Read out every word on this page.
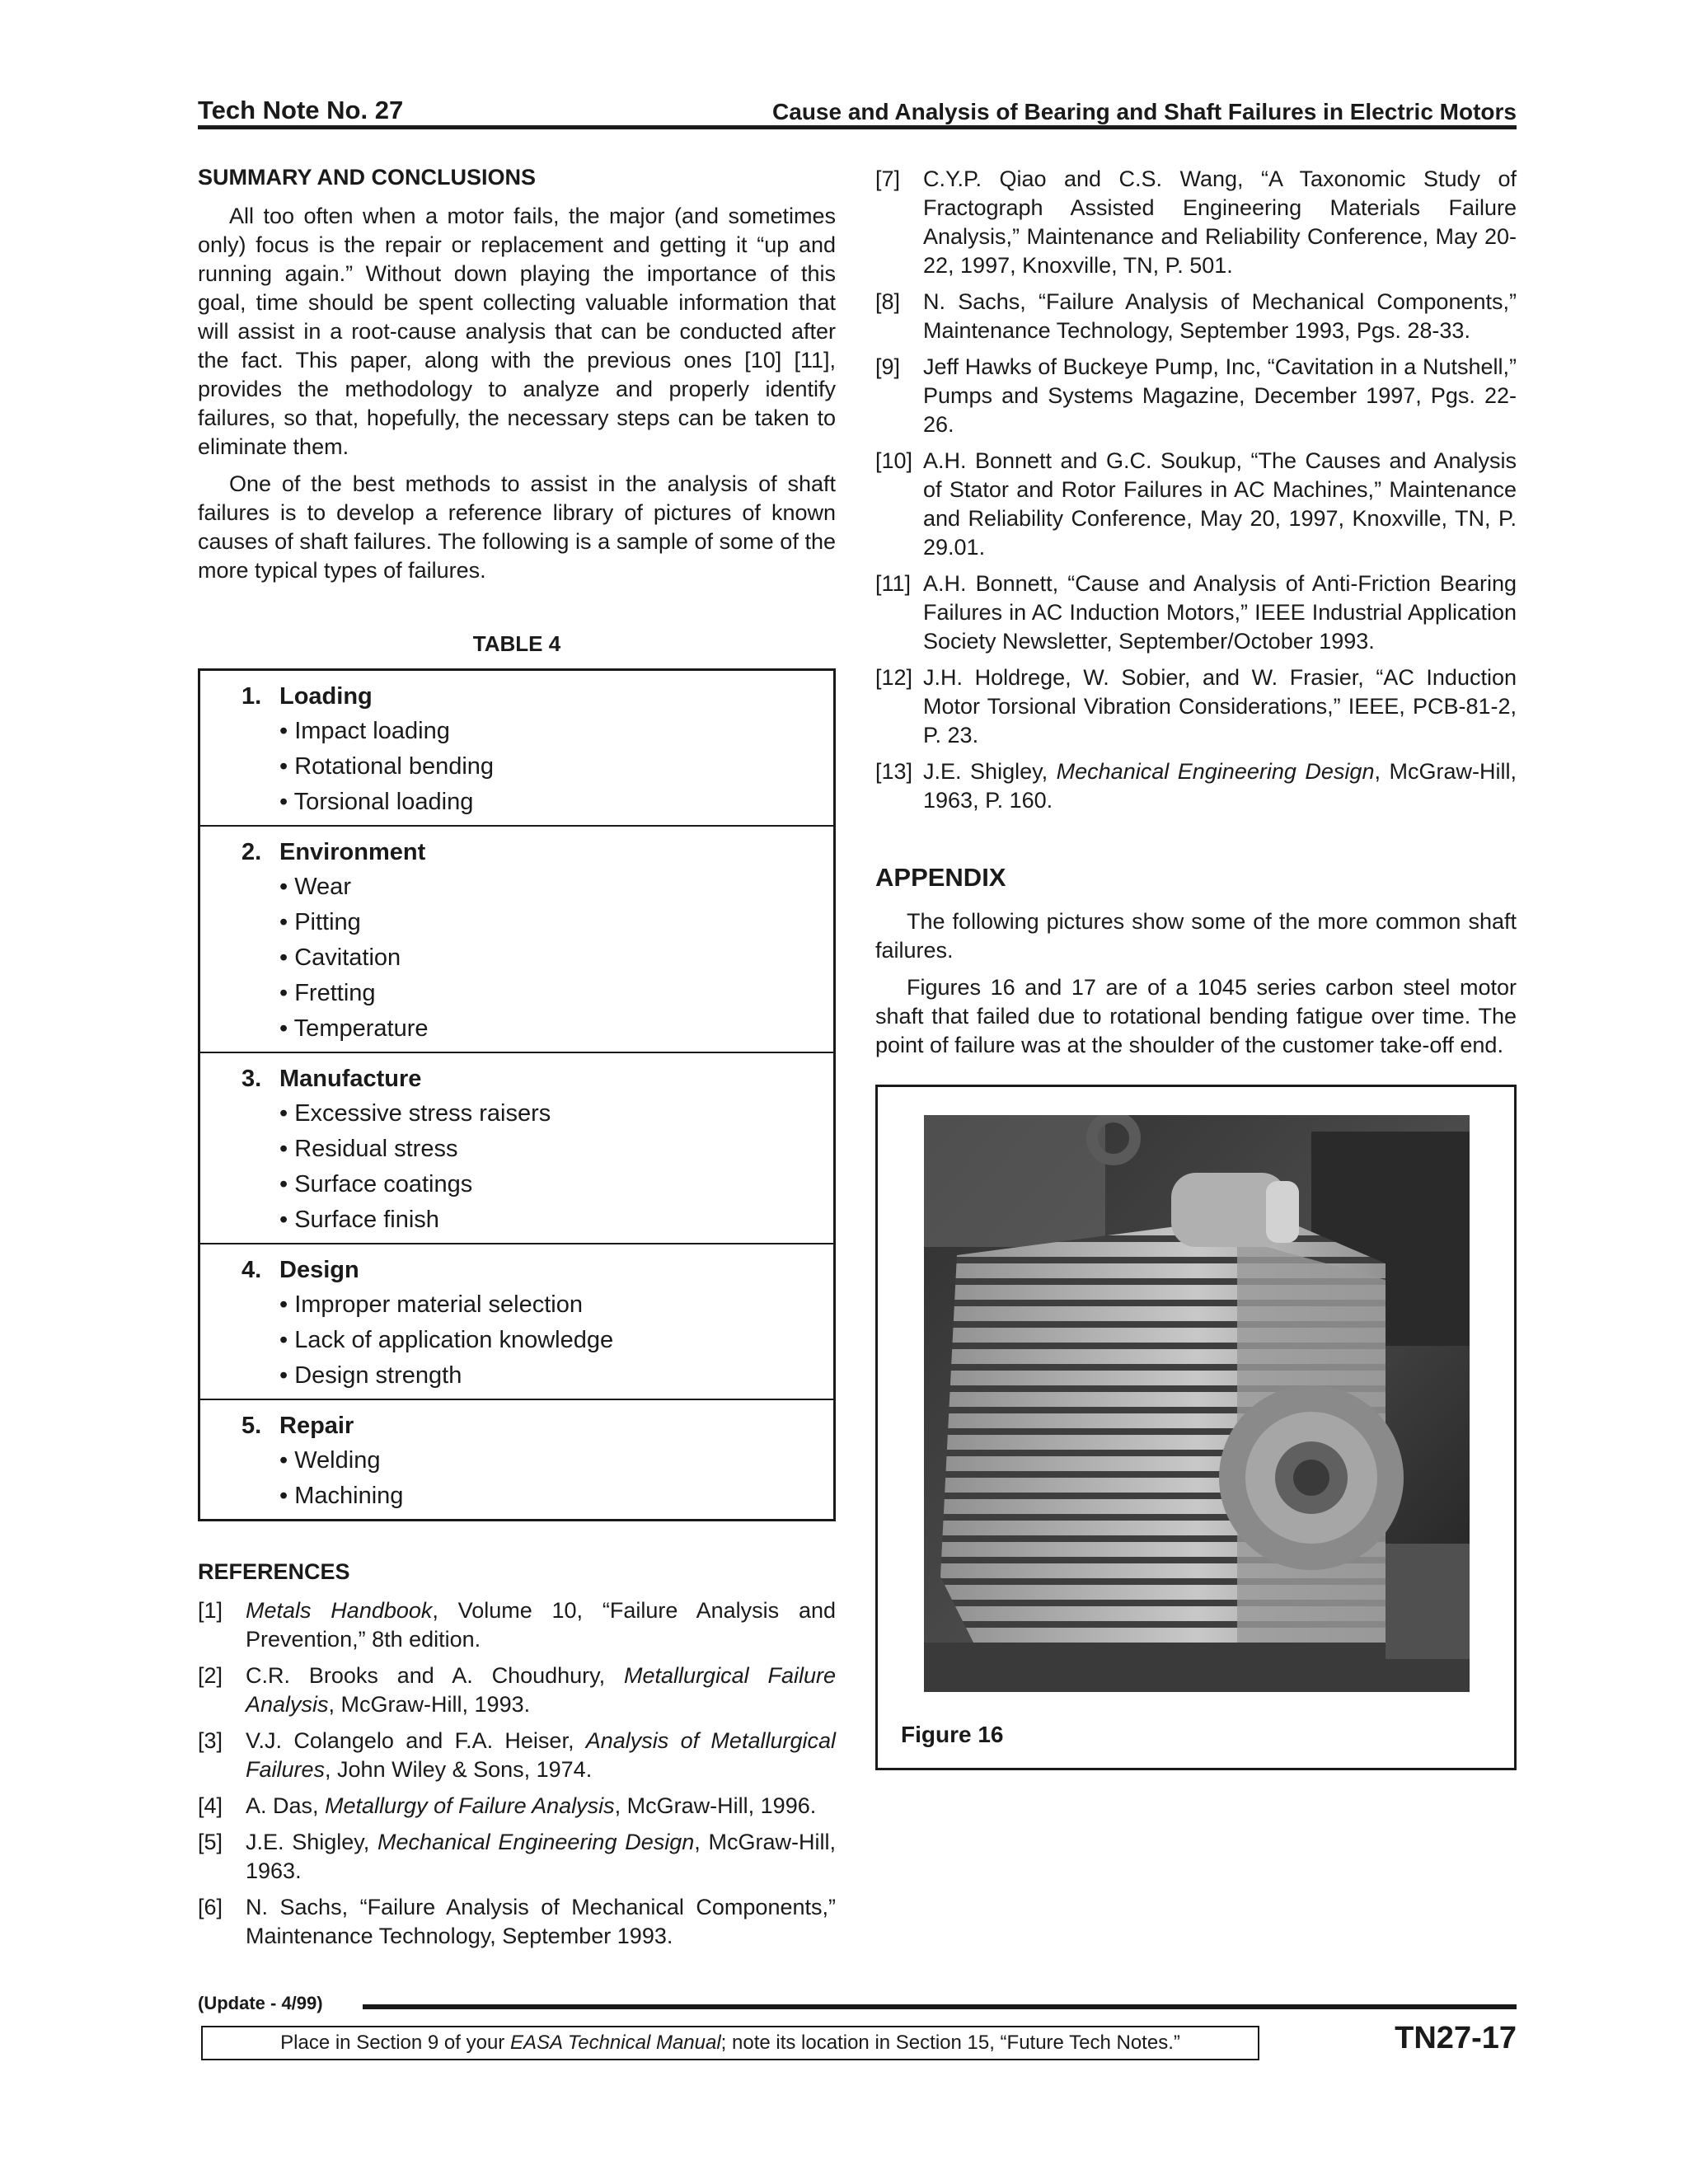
Tech Note No. 27	Cause and Analysis of Bearing and Shaft Failures in Electric Motors
SUMMARY AND CONCLUSIONS

All too often when a motor fails, the major (and sometimes only) focus is the repair or replacement and getting it “up and running again.” Without down playing the importance of this goal, time should be spent collecting valuable information that will assist in a root-cause analysis that can be conducted after the fact. This paper, along with the previous ones [10] [11], provides the methodology to analyze and properly identify failures, so that, hopefully, the necessary steps can be taken to eliminate them.

One of the best methods to assist in the analysis of shaft failures is to develop a reference library of pictures of known causes of shaft failures. The following is a sample of some of the more typical types of failures.

TABLE 4
1. Loading
• Impact loading
• Rotational bending
• Torsional loading
2. Environment
• Wear
• Pitting
• Cavitation
• Fretting
• Temperature
3. Manufacture
• Excessive stress raisers
• Residual stress
• Surface coatings
• Surface finish
4. Design
• Improper material selection
• Lack of application knowledge
• Design strength
5. Repair
• Welding
• Machining
REFERENCES
[1]	Metals Handbook, Volume 10, “Failure Analysis and Prevention,” 8th edition.
[2]	C.R. Brooks and A. Choudhury, Metallurgical Failure Analysis, McGraw-Hill, 1993.
[3]	V.J. Colangelo and F.A. Heiser, Analysis of Metallurgical Failures, John Wiley & Sons, 1974.
[4]	A. Das, Metallurgy of Failure Analysis, McGraw-Hill, 1996.
[5]	J.E. Shigley, Mechanical Engineering Design, McGraw-Hill, 1963.
[6]	N. Sachs, “Failure Analysis of Mechanical Components,” Maintenance Technology, September 1993.
[7]	C.Y.P. Qiao and C.S. Wang, “A Taxonomic Study of Fractograph Assisted Engineering Materials Failure Analysis,” Maintenance and Reliability Conference, May 20-22, 1997, Knoxville, TN, P. 501.
[8]	N. Sachs, “Failure Analysis of Mechanical Components,” Maintenance Technology, September 1993, Pgs. 28-33.
[9]	Jeff Hawks of Buckeye Pump, Inc, “Cavitation in a Nutshell,” Pumps and Systems Magazine, December 1997, Pgs. 22-26.
[10] A.H. Bonnett and G.C. Soukup, “The Causes and Analysis of Stator and Rotor Failures in AC Machines,” Maintenance and Reliability Conference, May 20, 1997, Knoxville, TN, P. 29.01.
[11] A.H. Bonnett, “Cause and Analysis of Anti-Friction Bearing Failures in AC Induction Motors,” IEEE Industrial Application Society Newsletter, September/October 1993.
[12] J.H. Holdrege, W. Sobier, and W. Frasier, “AC Induction Motor Torsional Vibration Considerations,” IEEE, PCB-81-2, P. 23.
[13] J.E. Shigley, Mechanical Engineering Design, McGraw-Hill, 1963, P. 160.
APPENDIX

The following pictures show some of the more common shaft failures.

Figures 16 and 17 are of a 1045 series carbon steel motor shaft that failed due to rotational bending fatigue over time. The point of failure was at the shoulder of the customer take-off end.

Figure 16
(Update - 4/99)
Place in Section 9 of your EASA Technical Manual; note its location in Section 15, “Future Tech Notes.”	TN27-17
